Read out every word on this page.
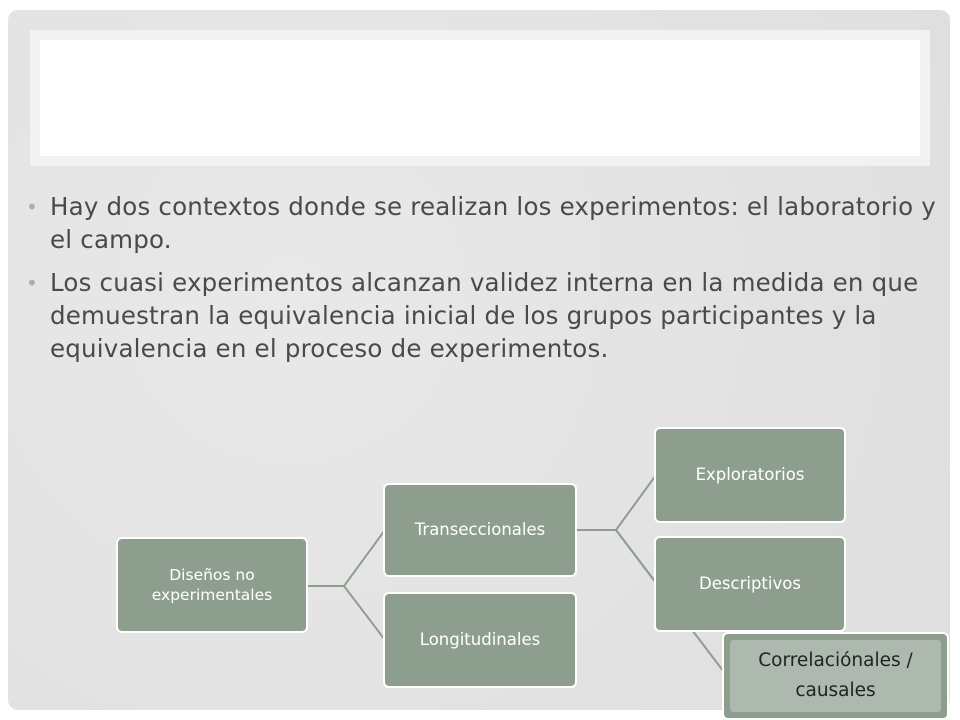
• Hay dos contextos donde se realizan los experimentos: el laboratorio y el campo.
• Los cuasi experimentos alcanzan validez interna en la medida en que demuestran la equivalencia inicial de los grupos participantes y la equivalencia en el proceso de experimentos.
Diseños no experimentales
Transeccionales
Longitudinales
Exploratorios
Descriptivos
Correlaciónales / causales
